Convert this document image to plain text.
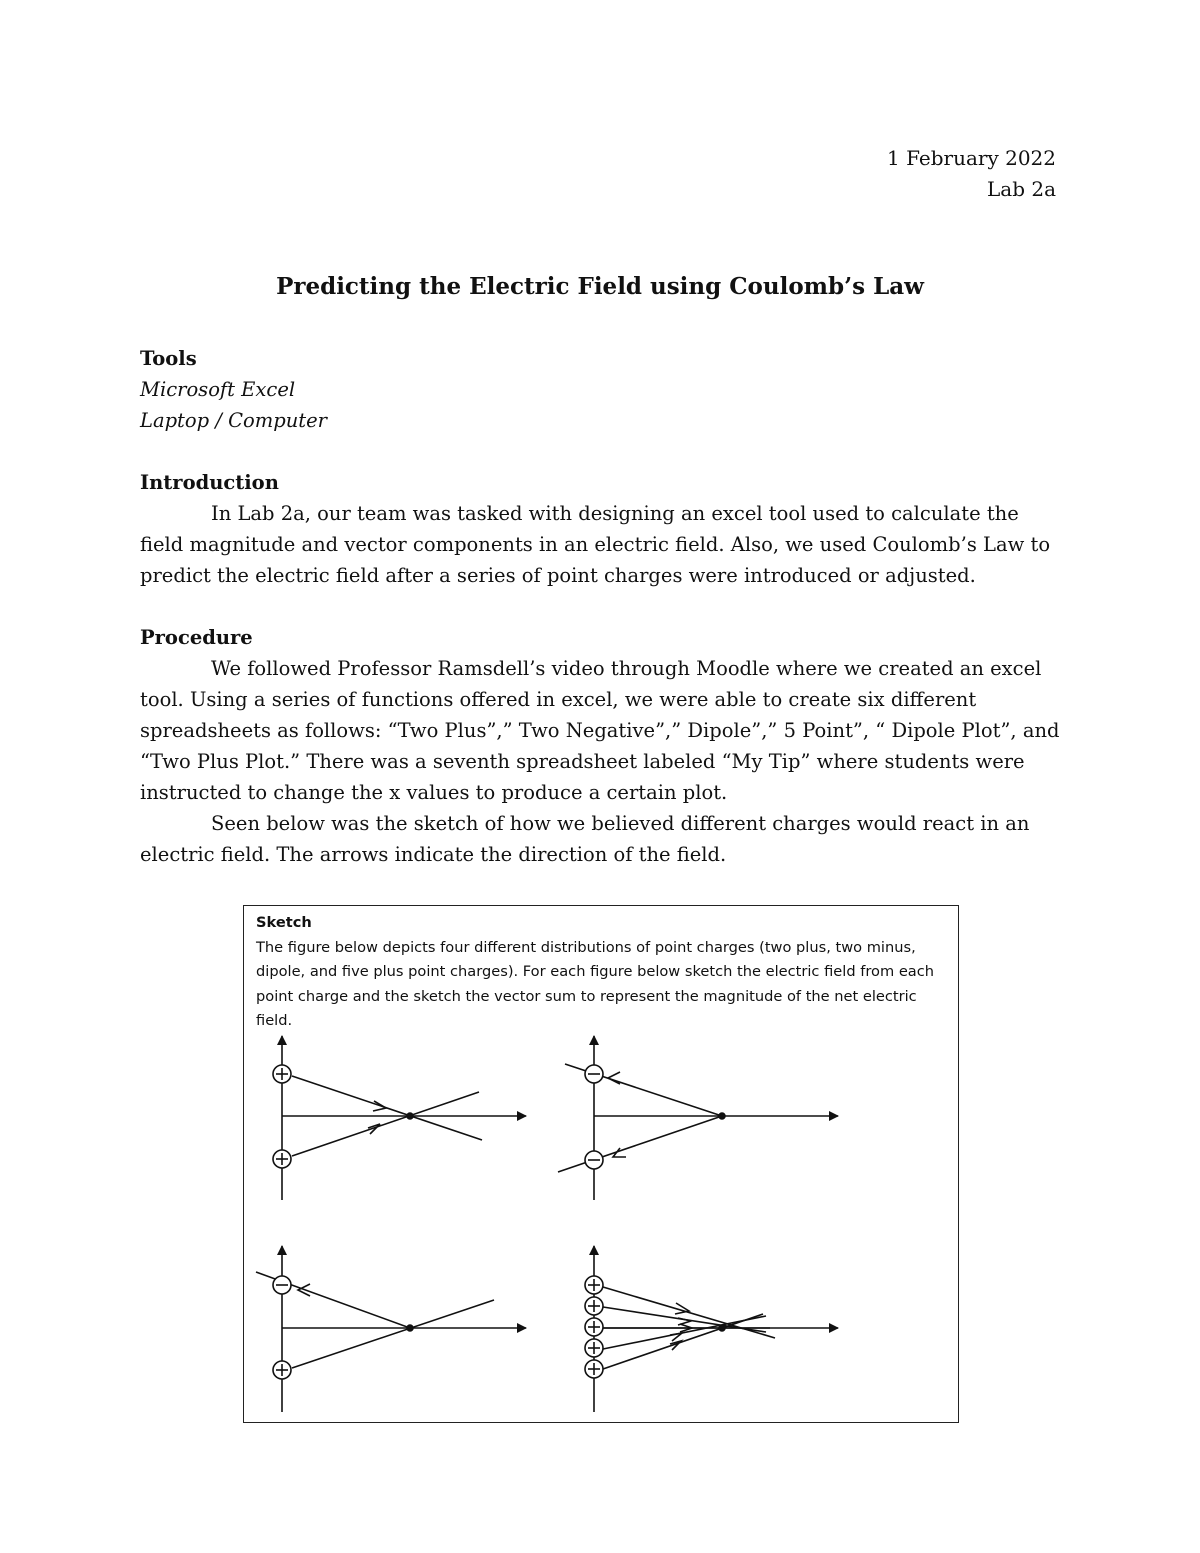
1 February 2022
Lab 2a
Predicting the Electric Field using Coulomb’s Law

Tools

Microsoft Excel

Laptop / Computer

Introduction

In Lab 2a, our team was tasked with designing an excel tool used to calculate the field magnitude and vector components in an electric field. Also, we used Coulomb’s Law to predict the electric field after a series of point charges were introduced or adjusted.

Procedure

We followed Professor Ramsdell’s video through Moodle where we created an excel tool. Using a series of functions offered in excel, we were able to create six different spreadsheets as follows: “Two Plus”,” Two Negative”,” Dipole”,” 5 Point”, “ Dipole Plot”, and “Two Plus Plot.” There was a seventh spreadsheet labeled “My Tip” where students were instructed to change the x values to produce a certain plot.

Seen below was the sketch of how we believed different charges would react in an electric field. The arrows indicate the direction of the field.

Sketch
The figure below depicts four different distributions of point charges (two plus, two minus, dipole, and five plus point charges). For each figure below sketch the electric field from each point charge and the sketch the vector sum to represent the magnitude of the net electric field.
